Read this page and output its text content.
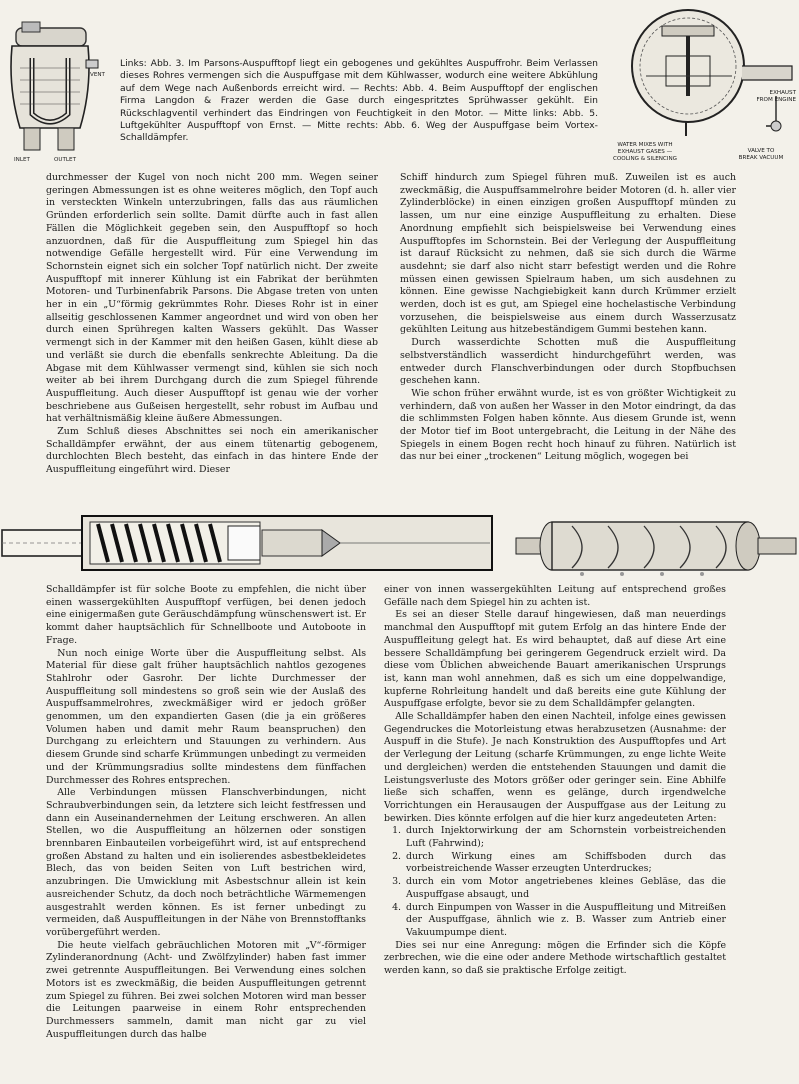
VENT
INLET	OUTLET
EXHAUST
FROM ENGINE
WATER MIXES WITH
EXHAUST GASES —
COOLING & SILENCING
VALVE TO
BREAK VACUUM

Links: Abb. 3. Im Parsons-Auspufftopf liegt ein gebogenes und gekühltes Auspuffrohr. Beim Verlassen dieses Rohres vermengen sich die Auspuffgase mit dem Kühlwasser, wodurch eine weitere Abkühlung auf dem Wege nach Außenbords erreicht wird. — Rechts: Abb. 4. Beim Auspufftopf der englischen Firma Langdon & Frazer werden die Gase durch eingespritztes Sprühwasser gekühlt. Ein Rückschlagventil verhindert das Eindringen von Feuchtigkeit in den Motor. — Mitte links: Abb. 5. Luftgekühlter Auspufftopf von Ernst. — Mitte rechts: Abb. 6. Weg der Auspuffgase beim Vortex-Schalldämpfer.

durchmesser der Kugel von noch nicht 200 mm. Wegen seiner geringen Abmessungen ist es ohne weiteres möglich, den Topf auch in versteckten Winkeln unterzubringen, falls das aus räumlichen Gründen erforderlich sein sollte. Damit dürfte auch in fast allen Fällen die Möglichkeit gegeben sein, den Auspufftopf so hoch anzuordnen, daß für die Auspuffleitung zum Spiegel hin das notwendige Gefälle hergestellt wird. Für eine Verwendung im Schornstein eignet sich ein solcher Topf natürlich nicht. Der zweite Auspufftopf mit innerer Kühlung ist ein Fabrikat der berühmten Motoren- und Turbinenfabrik Parsons. Die Abgase treten von unten her in ein „U“förmig gekrümmtes Rohr. Dieses Rohr ist in einer allseitig geschlossenen Kammer angeordnet und wird von oben her durch einen Sprühregen kalten Wassers gekühlt. Das Wasser vermengt sich in der Kammer mit den heißen Gasen, kühlt diese ab und verläßt sie durch die ebenfalls senkrechte Ableitung. Da die Abgase mit dem Kühlwasser vermengt sind, kühlen sie sich noch weiter ab bei ihrem Durchgang durch die zum Spiegel führende Auspuffleitung. Auch dieser Auspufftopf ist genau wie der vorher beschriebene aus Gußeisen hergestellt, sehr robust im Aufbau und hat verhältnismäßig kleine äußere Abmessungen.

Zum Schluß dieses Abschnittes sei noch ein amerikanischer Schalldämpfer erwähnt, der aus einem tütenartig gebogenem, durchlochten Blech besteht, das einfach in das hintere Ende der Auspuffleitung eingeführt wird. Dieser

Schiff hindurch zum Spiegel führen muß. Zuweilen ist es auch zweckmäßig, die Auspuffsammelrohre beider Motoren (d. h. aller vier Zylinderblöcke) in einen einzigen großen Auspufftopf münden zu lassen, um nur eine einzige Auspuffleitung zu erhalten. Diese Anordnung empfiehlt sich beispielsweise bei Verwendung eines Auspufftopfes im Schornstein. Bei der Verlegung der Auspuffleitung ist darauf Rücksicht zu nehmen, daß sie sich durch die Wärme ausdehnt; sie darf also nicht starr befestigt werden und die Rohre müssen einen gewissen Spielraum haben, um sich ausdehnen zu können. Eine gewisse Nachgiebigkeit kann durch Krümmer erzielt werden, doch ist es gut, am Spiegel eine hochelastische Verbindung vorzusehen, die beispielsweise aus einem durch Wasserzusatz gekühlten Leitung aus hitzebeständigem Gummi bestehen kann.

Durch wasserdichte Schotten muß die Auspuffleitung selbstverständlich wasserdicht hindurchgeführt werden, was entweder durch Flanschverbindungen oder durch Stopfbuchsen geschehen kann.

Wie schon früher erwähnt wurde, ist es von größter Wichtigkeit zu verhindern, daß von außen her Wasser in den Motor eindringt, da das die schlimmsten Folgen haben könnte. Aus diesem Grunde ist, wenn der Motor tief im Boot untergebracht, die Leitung in der Nähe des Spiegels in einem Bogen recht hoch hinauf zu führen. Natürlich ist das nur bei einer „trockenen“ Leitung möglich, wogegen bei

Schalldämpfer ist für solche Boote zu empfehlen, die nicht über einen wassergekühlten Auspufftopf verfügen, bei denen jedoch eine einigermaßen gute Geräuschdämpfung wünschenswert ist. Er kommt daher hauptsächlich für Schnellboote und Autoboote in Frage.

Nun noch einige Worte über die Auspuffleitung selbst. Als Material für diese galt früher hauptsächlich nahtlos gezogenes Stahlrohr oder Gasrohr. Der lichte Durchmesser der Auspuffleitung soll mindestens so groß sein wie der Auslaß des Auspuffsammelrohres, zweckmäßiger wird er jedoch größer genommen, um den expandierten Gasen (die ja ein größeres Volumen haben und damit mehr Raum beanspruchen) den Durchgang zu erleichtern und Stauungen zu verhindern. Aus diesem Grunde sind scharfe Krümmungen unbedingt zu vermeiden und der Krümmungsradius sollte mindestens dem fünffachen Durchmesser des Rohres entsprechen.

Alle Verbindungen müssen Flanschverbindungen, nicht Schraubverbindungen sein, da letztere sich leicht festfressen und dann ein Auseinandernehmen der Leitung erschweren. An allen Stellen, wo die Auspuffleitung an hölzernen oder sonstigen brennbaren Einbauteilen vorbeigeführt wird, ist auf entsprechend großen Abstand zu halten und ein isolierendes asbestbekleidetes Blech, das von beiden Seiten von Luft bestrichen wird, anzubringen. Die Umwicklung mit Asbestschnur allein ist kein ausreichender Schutz, da doch noch beträchtliche Wärmemengen ausgestrahlt werden können. Es ist ferner unbedingt zu vermeiden, daß Auspuffleitungen in der Nähe von Brennstofftanks vorübergeführt werden.

Die heute vielfach gebräuchlichen Motoren mit „V“-förmiger Zylinderanordnung (Acht- und Zwölfzylinder) haben fast immer zwei getrennte Auspuffleitungen. Bei Verwendung eines solchen Motors ist es zweckmäßig, die beiden Auspuffleitungen getrennt zum Spiegel zu führen. Bei zwei solchen Motoren wird man besser die Leitungen paarweise in einem Rohr entsprechenden Durchmessers sammeln, damit man nicht gar zu viel Auspuffleitungen durch das halbe

einer von innen wassergekühlten Leitung auf entsprechend großes Gefälle nach dem Spiegel hin zu achten ist.

Es sei an dieser Stelle darauf hingewiesen, daß man neuerdings manchmal den Auspufftopf mit gutem Erfolg an das hintere Ende der Auspuffleitung gelegt hat. Es wird behauptet, daß auf diese Art eine bessere Schalldämpfung bei geringerem Gegendruck erzielt wird. Da diese vom Üblichen abweichende Bauart amerikanischen Ursprungs ist, kann man wohl annehmen, daß es sich um eine doppelwandige, kupferne Rohrleitung handelt und daß bereits eine gute Kühlung der Auspuffgase erfolgte, bevor sie zu dem Schalldämpfer gelangten.

Alle Schalldämpfer haben den einen Nachteil, infolge eines gewissen Gegendruckes die Motorleistung etwas herabzusetzen (Ausnahme: der Auspuff in die Stufe). Je nach Konstruktion des Auspufftopfes und Art der Verlegung der Leitung (scharfe Krümmungen, zu enge lichte Weite und dergleichen) werden die entstehenden Stauungen und damit die Leistungsverluste des Motors größer oder geringer sein. Eine Abhilfe ließe sich schaffen, wenn es gelänge, durch irgendwelche Vorrichtungen ein Herausaugen der Auspuffgase aus der Leitung zu bewirken. Dies könnte erfolgen auf die hier kurz angedeuteten Arten:

1. durch Injektorwirkung der am Schornstein vorbeistreichenden Luft (Fahrwind);
2. durch Wirkung eines am Schiffsboden durch das vorbeistreichende Wasser erzeugten Unterdruckes;
3. durch ein vom Motor angetriebenes kleines Gebläse, das die Auspuffgase absaugt, und
4. durch Einpumpen von Wasser in die Auspuffleitung und Mitreißen der Auspuffgase, ähnlich wie z. B. Wasser zum Antrieb einer Vakuumpumpe dient.

Dies sei nur eine Anregung: mögen die Erfinder sich die Köpfe zerbrechen, wie die eine oder andere Methode wirtschaftlich gestaltet werden kann, so daß sie praktische Erfolge zeitigt.
